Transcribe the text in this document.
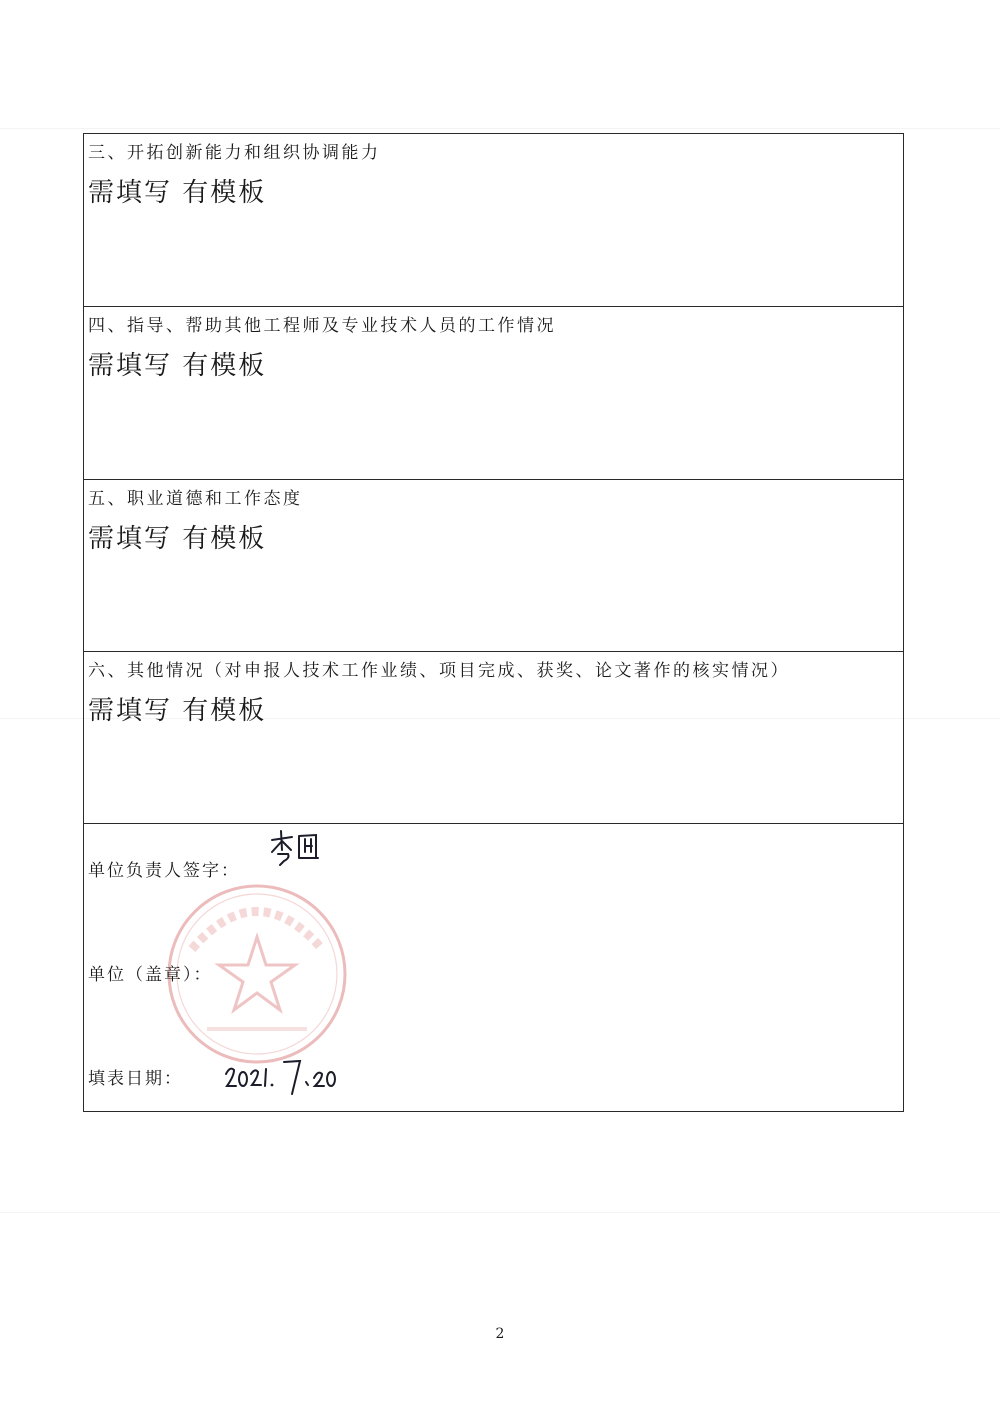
三、开拓创新能力和组织协调能力
需填写 有模板
四、指导、帮助其他工程师及专业技术人员的工作情况
需填写 有模板
五、职业道德和工作态度
需填写 有模板
六、其他情况（对申报人技术工作业绩、项目完成、获奖、论文著作的核实情况）
需填写 有模板
单位负责人签字：
单位（盖章）：
填表日期：
2
